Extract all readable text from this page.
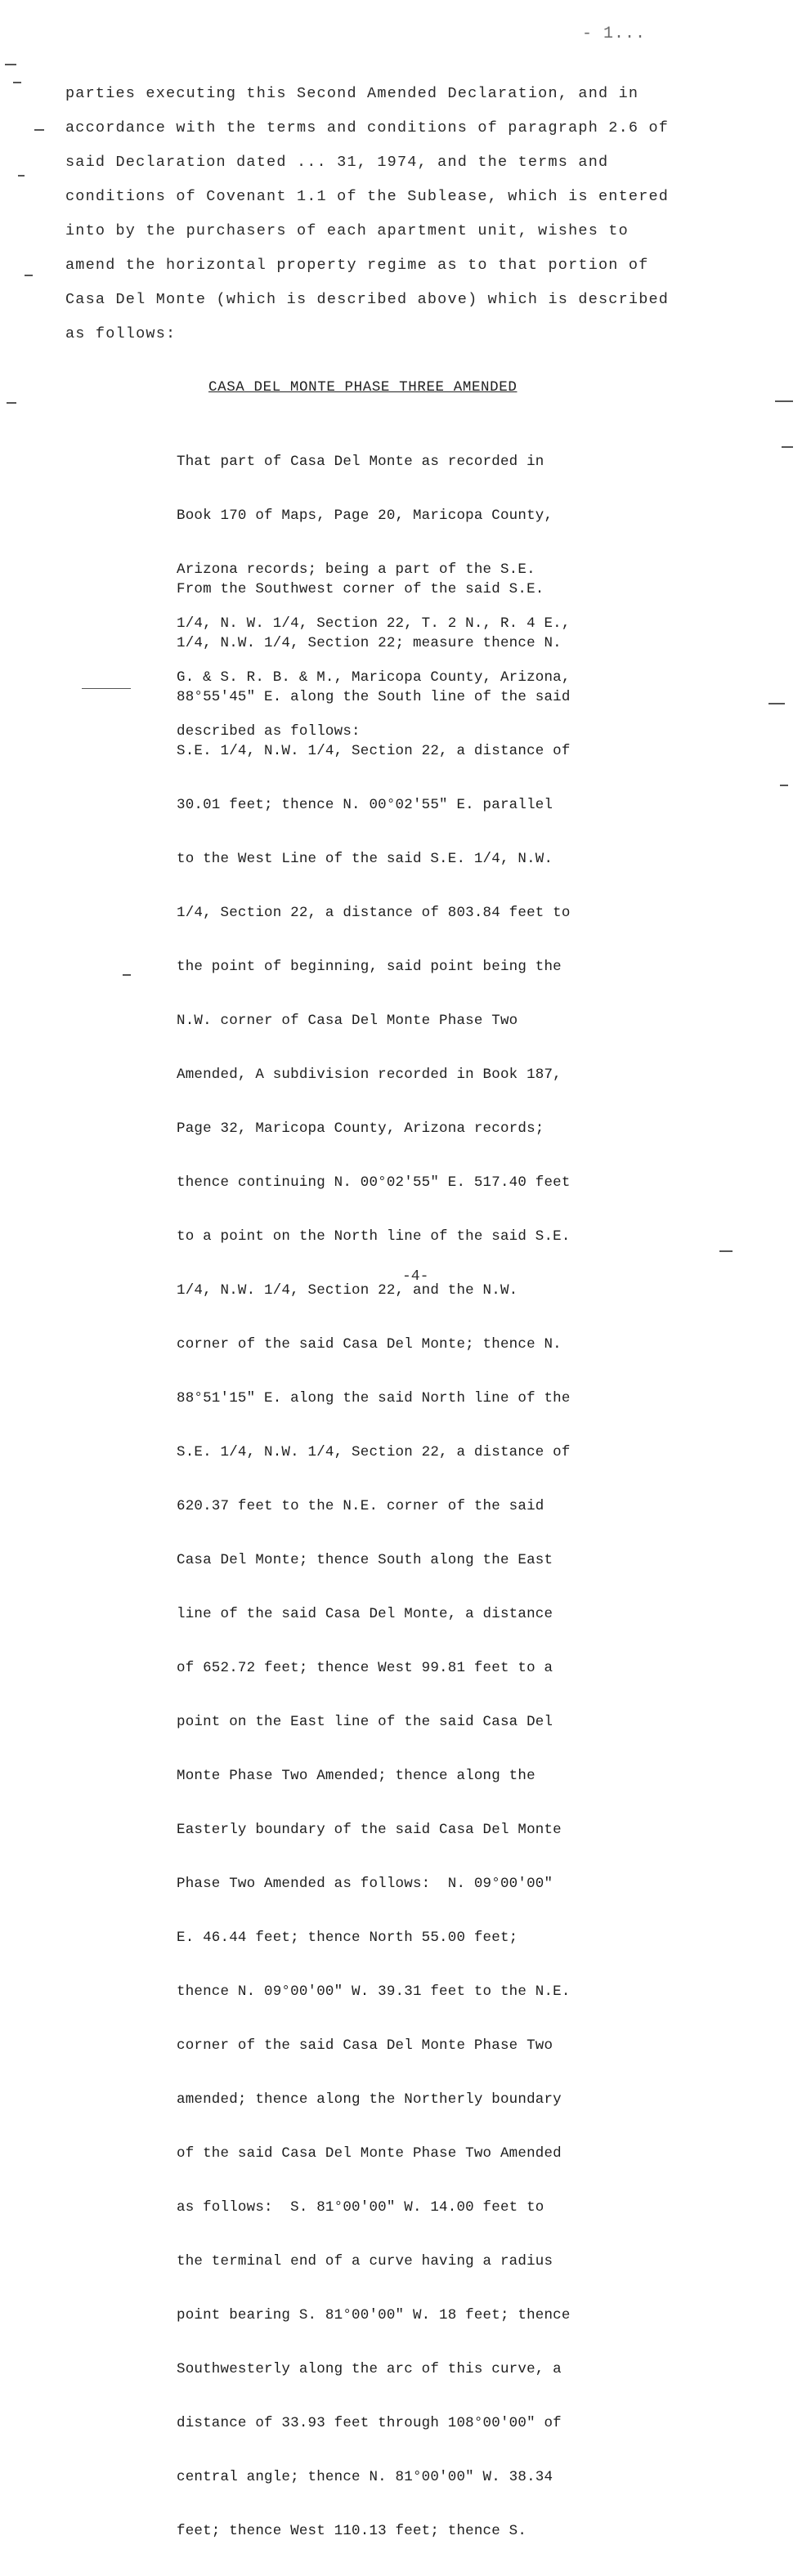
- 1...
parties executing this Second Amended Declaration, and in
accordance with the terms and conditions of paragraph 2.6 of
said Declaration dated ... 31, 1974, and the terms and
conditions of Covenant 1.1 of the Sublease, which is entered
into by the purchasers of each apartment unit, wishes to
amend the horizontal property regime as to that portion of
Casa Del Monte (which is described above) which is described
as follows:
CASA DEL MONTE PHASE THREE AMENDED

That part of Casa Del Monte as recorded in

Book 170 of Maps, Page 20, Maricopa County,

Arizona records; being a part of the S.E.

1/4, N. W. 1/4, Section 22, T. 2 N., R. 4 E.,

G. & S. R. B. & M., Maricopa County, Arizona,

described as follows:

From the Southwest corner of the said S.E.

1/4, N.W. 1/4, Section 22; measure thence N.

88°55'45" E. along the South line of the said

S.E. 1/4, N.W. 1/4, Section 22, a distance of

30.01 feet; thence N. 00°02'55" E. parallel

to the West Line of the said S.E. 1/4, N.W.

1/4, Section 22, a distance of 803.84 feet to

the point of beginning, said point being the

N.W. corner of Casa Del Monte Phase Two

Amended, A subdivision recorded in Book 187,

Page 32, Maricopa County, Arizona records;

thence continuing N. 00°02'55" E. 517.40 feet

to a point on the North line of the said S.E.

1/4, N.W. 1/4, Section 22, and the N.W.

corner of the said Casa Del Monte; thence N.

88°51'15" E. along the said North line of the

S.E. 1/4, N.W. 1/4, Section 22, a distance of

620.37 feet to the N.E. corner of the said

Casa Del Monte; thence South along the East

line of the said Casa Del Monte, a distance

of 652.72 feet; thence West 99.81 feet to a

point on the East line of the said Casa Del

Monte Phase Two Amended; thence along the

Easterly boundary of the said Casa Del Monte

Phase Two Amended as follows:  N. 09°00'00"

E. 46.44 feet; thence North 55.00 feet;

thence N. 09°00'00" W. 39.31 feet to the N.E.

corner of the said Casa Del Monte Phase Two

amended; thence along the Northerly boundary

of the said Casa Del Monte Phase Two Amended

as follows:  S. 81°00'00" W. 14.00 feet to

the terminal end of a curve having a radius

point bearing S. 81°00'00" W. 18 feet; thence

Southwesterly along the arc of this curve, a

distance of 33.93 feet through 108°00'00" of

central angle; thence N. 81°00'00" W. 38.34

feet; thence West 110.13 feet; thence S.

-4-
